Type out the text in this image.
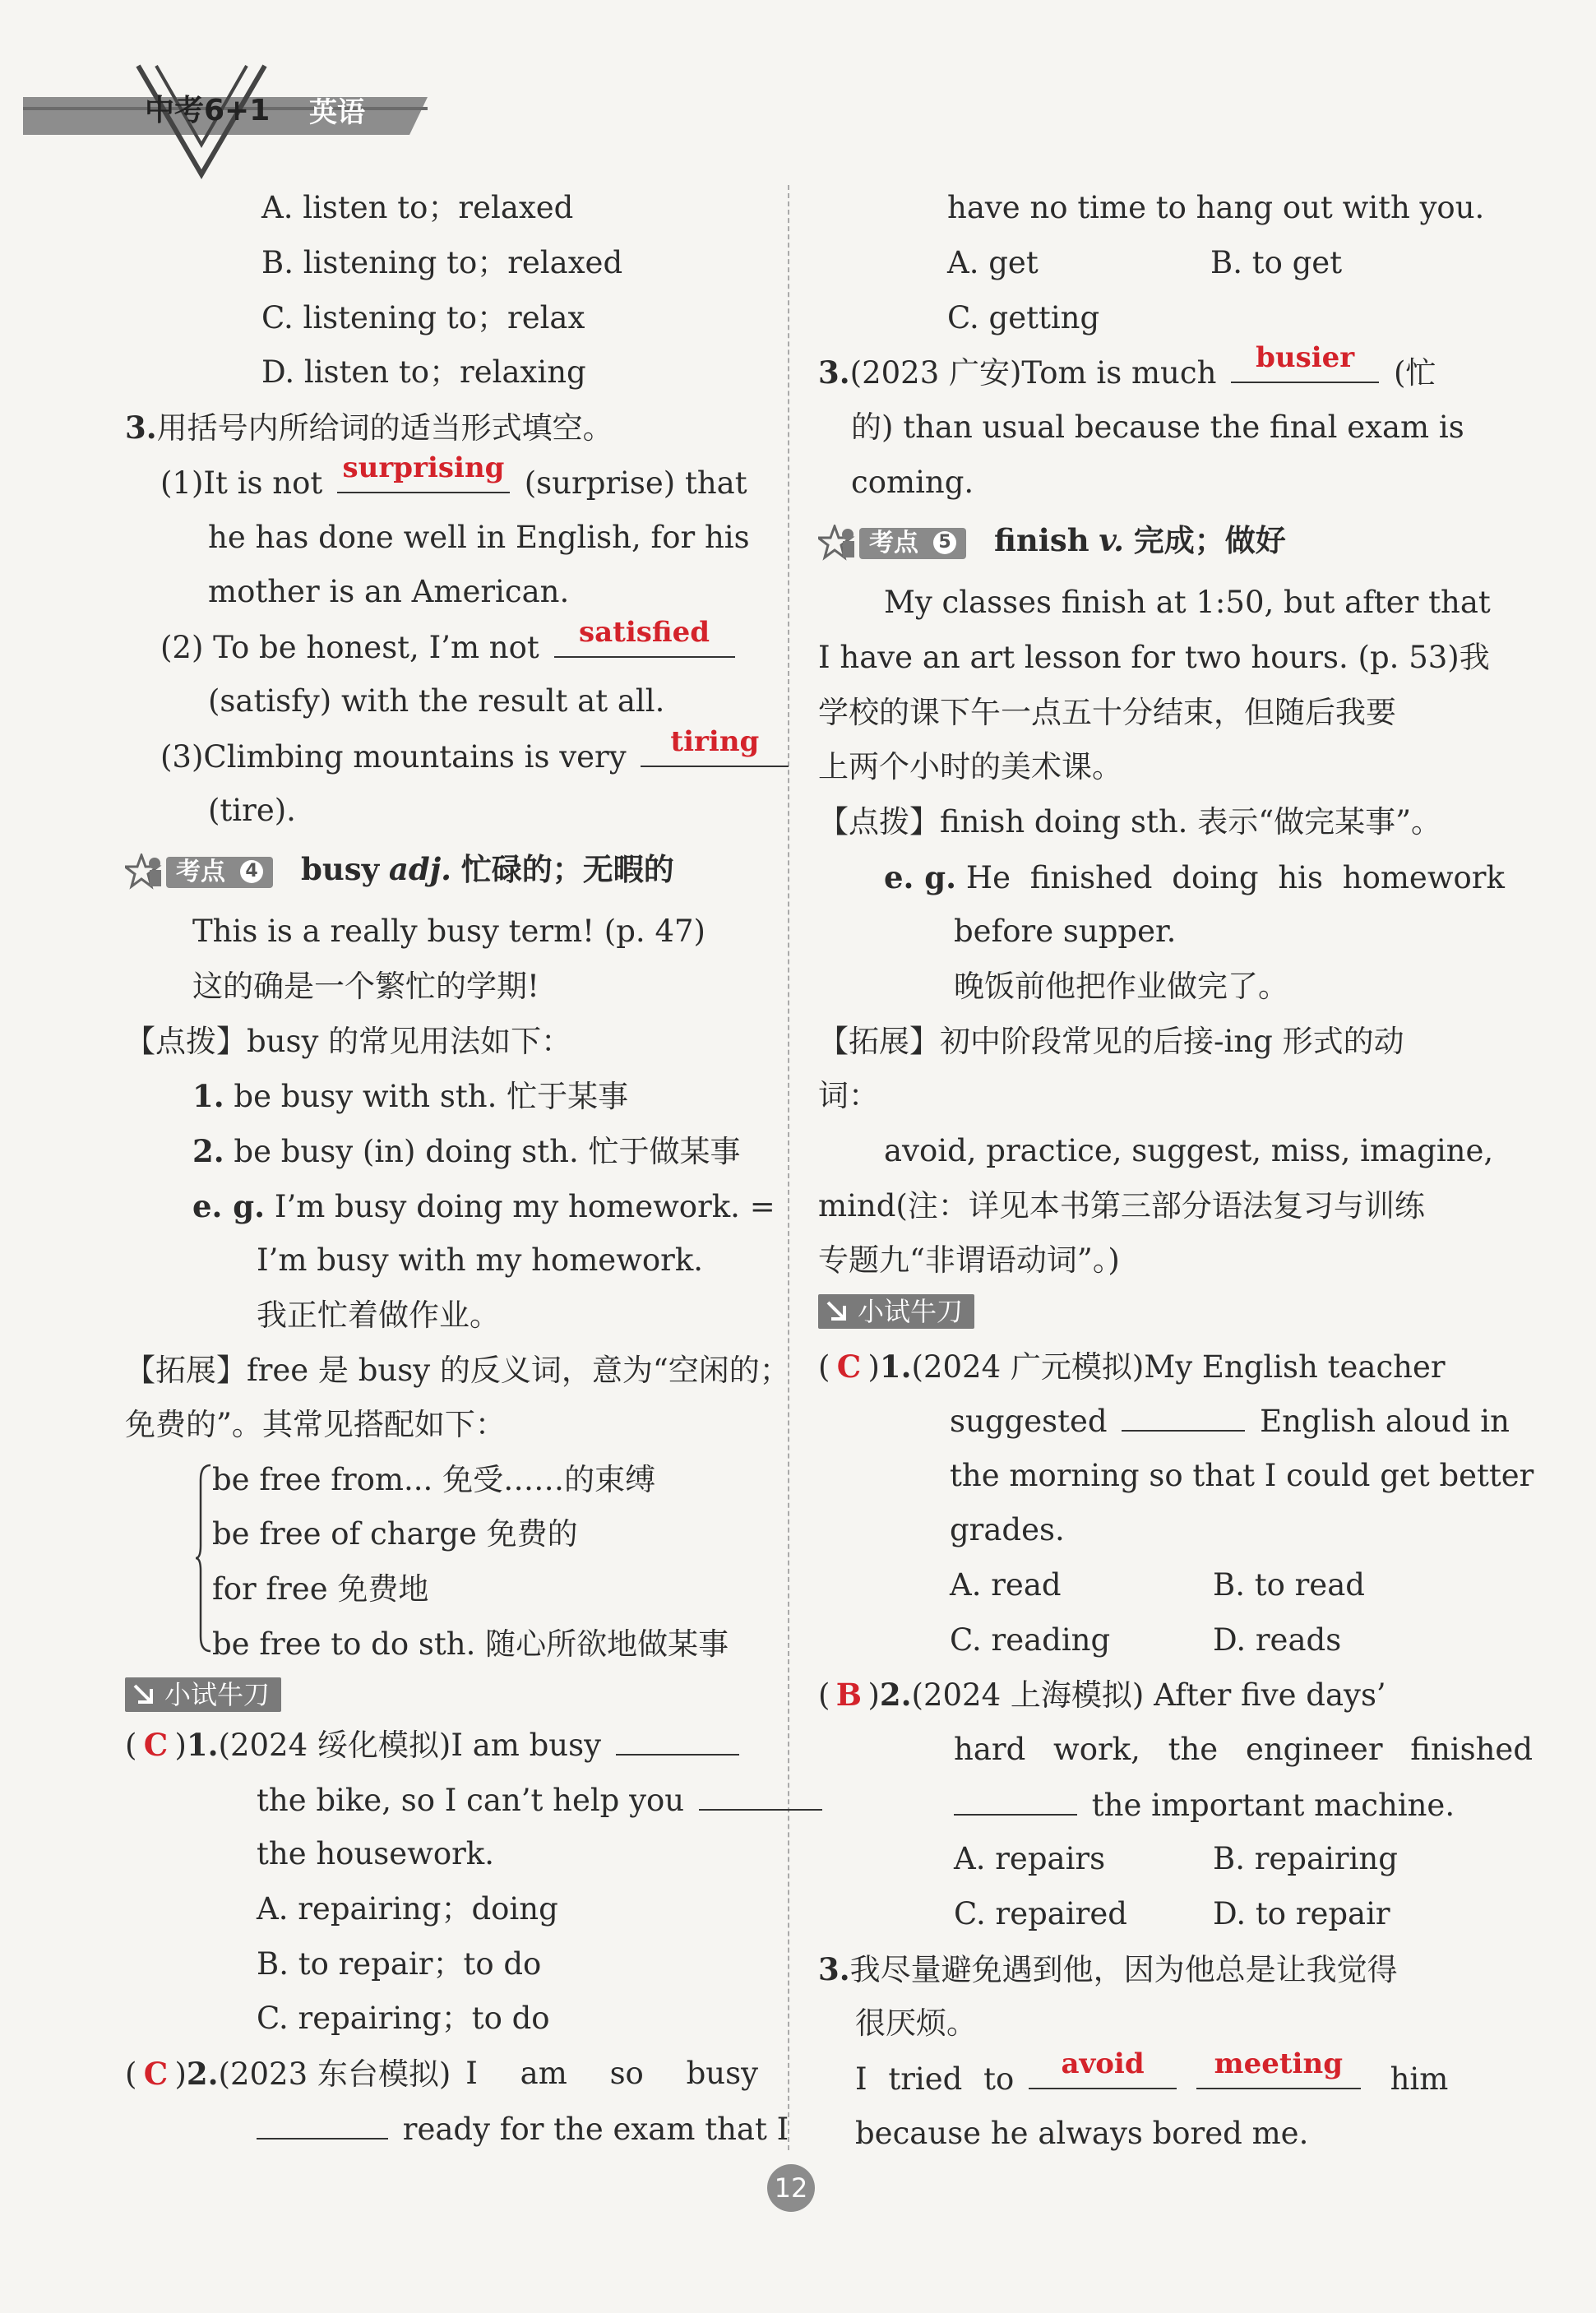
中考6+1 英语
A. listen to；relaxed
B. listening to；relaxed
C. listening to；relax
D. listen to；relaxing
3.用括号内所给词的适当形式填空。
(1)It is not surprising (surprise) that
he has done well in English, for his
mother is an American.
(2) To be honest, I’m not	satisfied
(satisfy) with the result at all.
(3)Climbing mountains is very	tiring
(tire).
考点 4 busy adj. 忙碌的；无暇的
This is a really busy term! (p. 47)
这的确是一个繁忙的学期!
【点拨】busy 的常见用法如下：
1. be busy with sth. 忙于某事
2. be busy (in) doing sth. 忙于做某事
e. g. I’m busy doing my homework. =
I’m busy with my homework.
我正忙着做作业。
【拓展】free 是 busy 的反义词，意为“空闲的；
免费的”。其常见搭配如下：
be free from... 免受……的束缚
be free of charge 免费的
for free 免费地
be free to do sth. 随心所欲地做某事
小试牛刀
( C )1.(2024 绥化模拟)I am busy
the bike, so I can’t help you
the housework.
A. repairing；doing
B. to repair；to do
C. repairing；to do
( C )2.(2023 东台模拟) I am so busy
ready for the exam that I
have no time to hang out with you.
A. get	B. to get
C. getting
3.(2023 广安)Tom is much	busier	(忙
的) than usual because the final exam is
coming.
考点 5 finish v. 完成；做好
My classes finish at 1:50, but after that
I have an art lesson for two hours. (p. 53)我
学校的课下午一点五十分结束，但随后我要
上两个小时的美术课。
【点拨】finish doing sth. 表示“做完某事”。
e. g. He finished doing his homework
before supper.
晚饭前他把作业做完了。
【拓展】初中阶段常见的后接-ing 形式的动
词：
avoid, practice, suggest, miss, imagine,
mind(注：详见本书第三部分语法复习与训练
专题九“非谓语动词”。)
小试牛刀
( C )1.(2024 广元模拟)My English teacher
suggested	English aloud in
the morning so that I could get better
grades.
A. read	B. to read
C. reading	D. reads
( B )2.(2024 上海模拟) After five days’
hard work, the engineer finished
the important machine.
A. repairs	B. repairing
C. repaired	D. to repair
3.我尽量避免遇到他，因为他总是让我觉得
很厌烦。
I tried to	avoid
	meeting	him
because he always bored me.
12
